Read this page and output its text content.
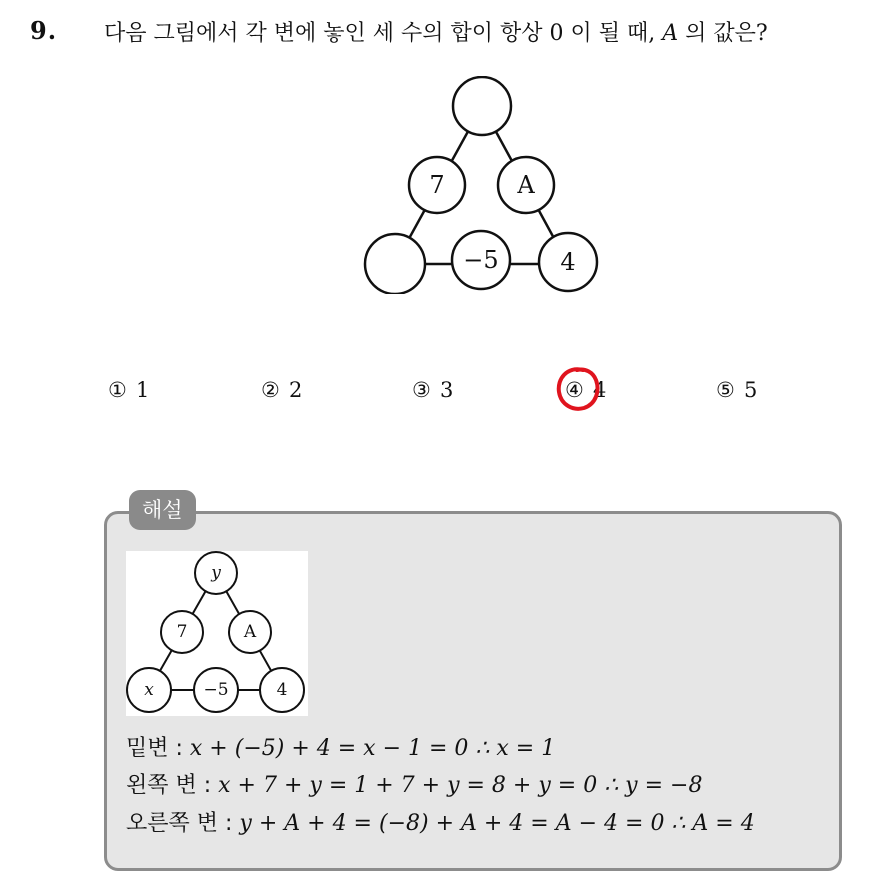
9. 다음 그림에서 각 변에 놓인 세 수의 합이 항상 0 이 될 때, A 의 값은?
7	A
−5	4
① 1	② 2	③ 3	④ 4	⑤ 5
해설
y
7	A
x	−5	4
밑변 : x + (−5) + 4 = x − 1 = 0 ∴ x = 1
왼쪽 변 : x + 7 + y = 1 + 7 + y = 8 + y = 0 ∴ y = −8
오른쪽 변 : y + A + 4 = (−8) + A + 4 = A − 4 = 0 ∴ A = 4
